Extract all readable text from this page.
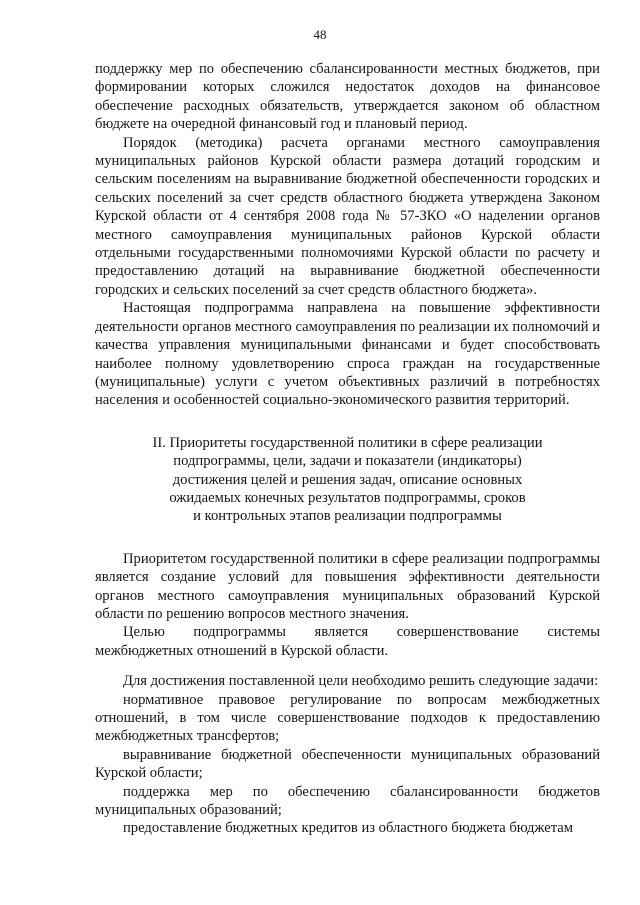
48

поддержку мер по обеспечению сбалансированности местных бюджетов, при формировании которых сложился недостаток доходов на финансовое обеспечение расходных обязательств, утверждается законом об областном бюджете на очередной финансовый год и плановый период.

Порядок (методика) расчета органами местного самоуправления муниципальных районов Курской области размера дотаций городским и сельским поселениям на выравнивание бюджетной обеспеченности городских и сельских поселений за счет средств областного бюджета утверждена Законом Курской области от 4 сентября 2008 года № 57-ЗКО «О наделении органов местного самоуправления муниципальных районов Курской области отдельными государственными полномочиями Курской области по расчету и предоставлению дотаций на выравнивание бюджетной обеспеченности городских и сельских поселений за счет средств областного бюджета».

Настоящая подпрограмма направлена на повышение эффективности деятельности органов местного самоуправления по реализации их полномочий и качества управления муниципальными финансами и будет способствовать наиболее полному удовлетворению спроса граждан на государственные (муниципальные) услуги с учетом объективных различий в потребностях населения и особенностей социально-экономического развития территорий.

II. Приоритеты государственной политики в сфере реализации
подпрограммы, цели, задачи и показатели (индикаторы)
достижения целей и решения задач, описание основных
ожидаемых конечных результатов подпрограммы, сроков
и контрольных этапов реализации подпрограммы

Приоритетом государственной политики в сфере реализации подпрограммы является создание условий для повышения эффективности деятельности органов местного самоуправления муниципальных образований Курской области по решению вопросов местного значения.

Целью подпрограммы является совершенствование системы межбюджетных отношений в Курской области.

Для достижения поставленной цели необходимо решить следующие задачи:

нормативное правовое регулирование по вопросам межбюджетных отношений, в том числе совершенствование подходов к предоставлению межбюджетных трансфертов;

выравнивание бюджетной обеспеченности муниципальных образований Курской области;

поддержка мер по обеспечению сбалансированности бюджетов муниципальных образований;

предоставление бюджетных кредитов из областного бюджета бюджетам
